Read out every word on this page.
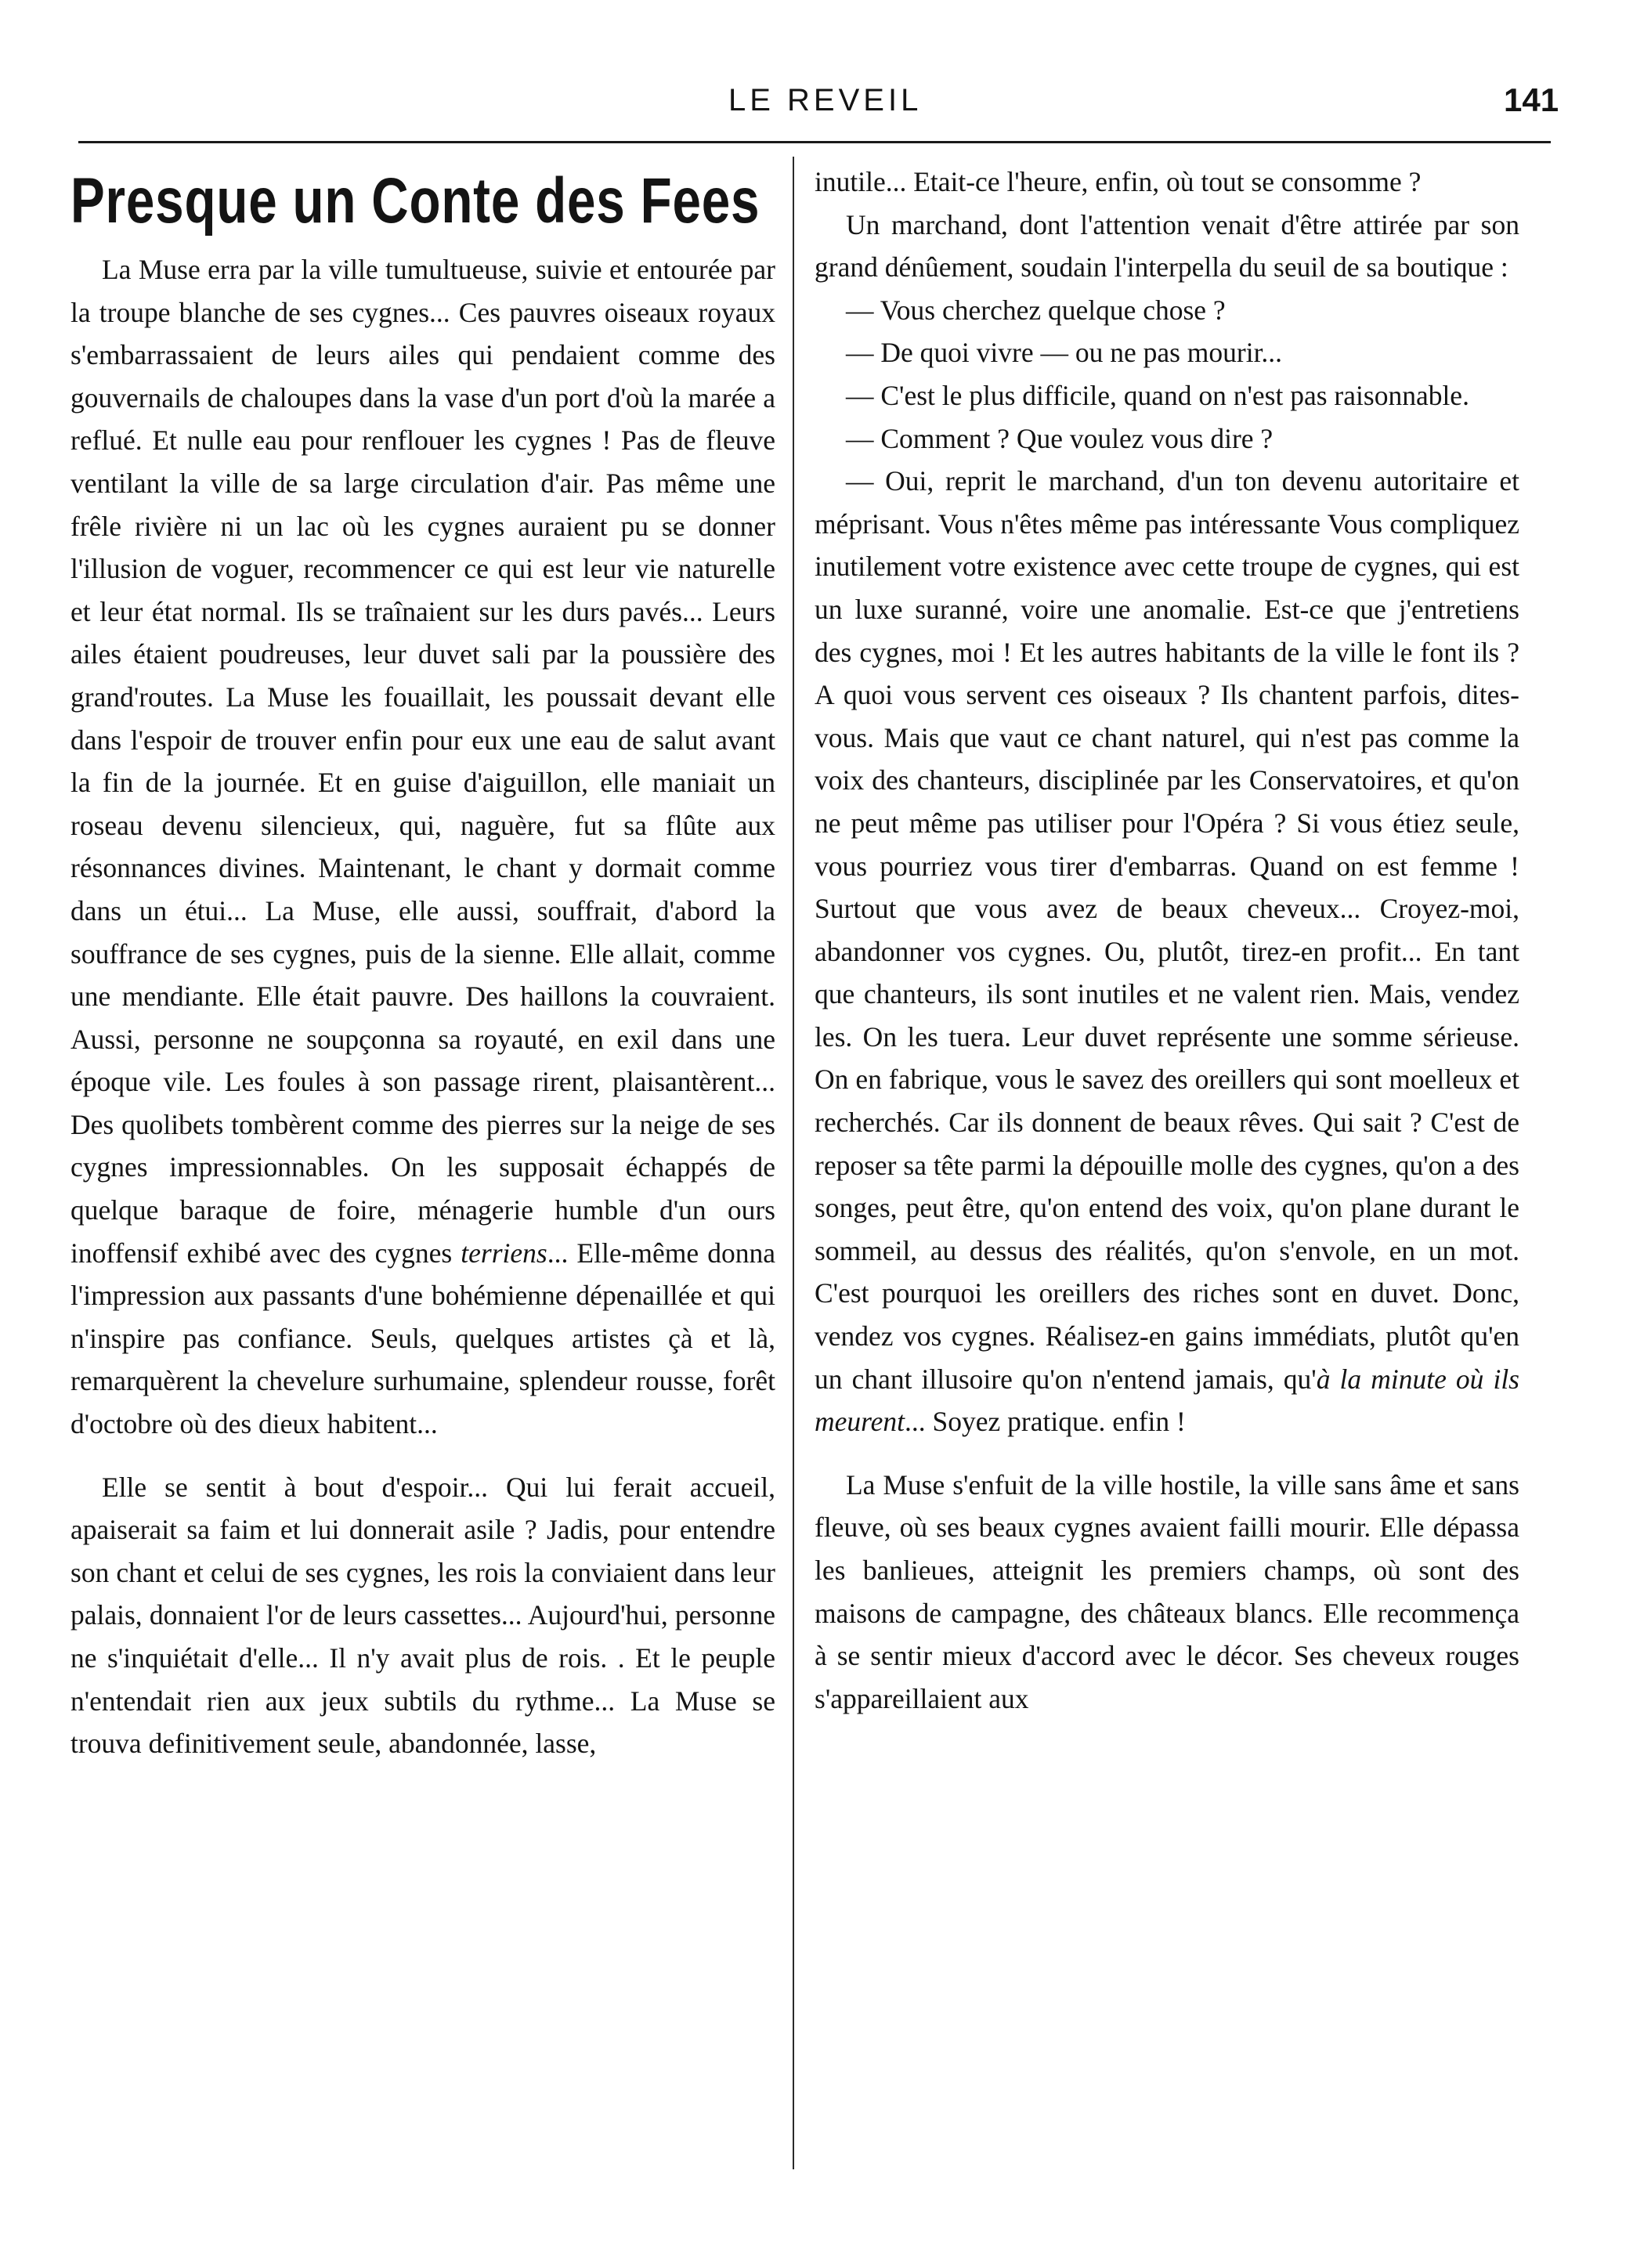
LE REVEIL	141
Presque un Conte des Fees

La Muse erra par la ville tumultueuse, suivie et entourée par la troupe blanche de ses cygnes... Ces pauvres oiseaux royaux s'embarrassaient de leurs ailes qui pendaient comme des gouvernails de chaloupes dans la vase d'un port d'où la marée a reflué. Et nulle eau pour renflouer les cygnes ! Pas de fleuve ventilant la ville de sa large circulation d'air. Pas même une frêle rivière ni un lac où les cygnes auraient pu se donner l'illusion de voguer, recommencer ce qui est leur vie naturelle et leur état normal. Ils se traînaient sur les durs pavés... Leurs ailes étaient poudreuses, leur duvet sali par la poussière des grand'routes. La Muse les fouaillait, les poussait devant elle dans l'espoir de trouver enfin pour eux une eau de salut avant la fin de la journée. Et en guise d'aiguillon, elle maniait un roseau devenu silencieux, qui, naguère, fut sa flûte aux résonnances divines. Maintenant, le chant y dormait comme dans un étui... La Muse, elle aussi, souffrait, d'abord la souffrance de ses cygnes, puis de la sienne. Elle allait, comme une mendiante. Elle était pauvre. Des haillons la couvraient. Aussi, personne ne soupçonna sa royauté, en exil dans une époque vile. Les foules à son passage rirent, plaisantèrent... Des quolibets tombèrent comme des pierres sur la neige de ses cygnes impressionnables. On les supposait échappés de quelque baraque de foire, ménagerie humble d'un ours inoffensif exhibé avec des cygnes terriens... Elle-même donna l'impression aux passants d'une bohémienne dépenaillée et qui n'inspire pas confiance. Seuls, quelques artistes çà et là, remarquèrent la chevelure surhumaine, splendeur rousse, forêt d'octobre où des dieux habitent...

Elle se sentit à bout d'espoir... Qui lui ferait accueil, apaiserait sa faim et lui donnerait asile ? Jadis, pour entendre son chant et celui de ses cygnes, les rois la conviaient dans leur palais, donnaient l'or de leurs cassettes... Aujourd'hui, personne ne s'inquiétait d'elle... Il n'y avait plus de rois. . Et le peuple n'entendait rien aux jeux subtils du rythme... La Muse se trouva definitivement seule, abandonnée, lasse,

inutile... Etait-ce l'heure, enfin, où tout se consomme ?

Un marchand, dont l'attention venait d'être attirée par son grand dénûement, soudain l'interpella du seuil de sa boutique :

— Vous cherchez quelque chose ?

— De quoi vivre — ou ne pas mourir...

— C'est le plus difficile, quand on n'est pas raisonnable.

— Comment ? Que voulez vous dire ?

— Oui, reprit le marchand, d'un ton devenu autoritaire et méprisant. Vous n'êtes même pas intéressante Vous compliquez inutilement votre existence avec cette troupe de cygnes, qui est un luxe suranné, voire une anomalie. Est-ce que j'entretiens des cygnes, moi ! Et les autres habitants de la ville le font ils ? A quoi vous servent ces oiseaux ? Ils chantent parfois, dites-vous. Mais que vaut ce chant naturel, qui n'est pas comme la voix des chanteurs, disciplinée par les Conservatoires, et qu'on ne peut même pas utiliser pour l'Opéra ? Si vous étiez seule, vous pourriez vous tirer d'embarras. Quand on est femme ! Surtout que vous avez de beaux cheveux... Croyez-moi, abandonner vos cygnes. Ou, plutôt, tirez-en profit... En tant que chanteurs, ils sont inutiles et ne valent rien. Mais, vendez les. On les tuera. Leur duvet représente une somme sérieuse. On en fabrique, vous le savez des oreillers qui sont moelleux et recherchés. Car ils donnent de beaux rêves. Qui sait ? C'est de reposer sa tête parmi la dépouille molle des cygnes, qu'on a des songes, peut être, qu'on entend des voix, qu'on plane durant le sommeil, au dessus des réalités, qu'on s'envole, en un mot. C'est pourquoi les oreillers des riches sont en duvet. Donc, vendez vos cygnes. Réalisez-en gains immédiats, plutôt qu'en un chant illusoire qu'on n'entend jamais, qu'à la minute où ils meurent... Soyez pratique. enfin !

La Muse s'enfuit de la ville hostile, la ville sans âme et sans fleuve, où ses beaux cygnes avaient failli mourir. Elle dépassa les banlieues, atteignit les premiers champs, où sont des maisons de campagne, des châteaux blancs. Elle recommença à se sentir mieux d'accord avec le décor. Ses cheveux rouges s'appareillaient aux
